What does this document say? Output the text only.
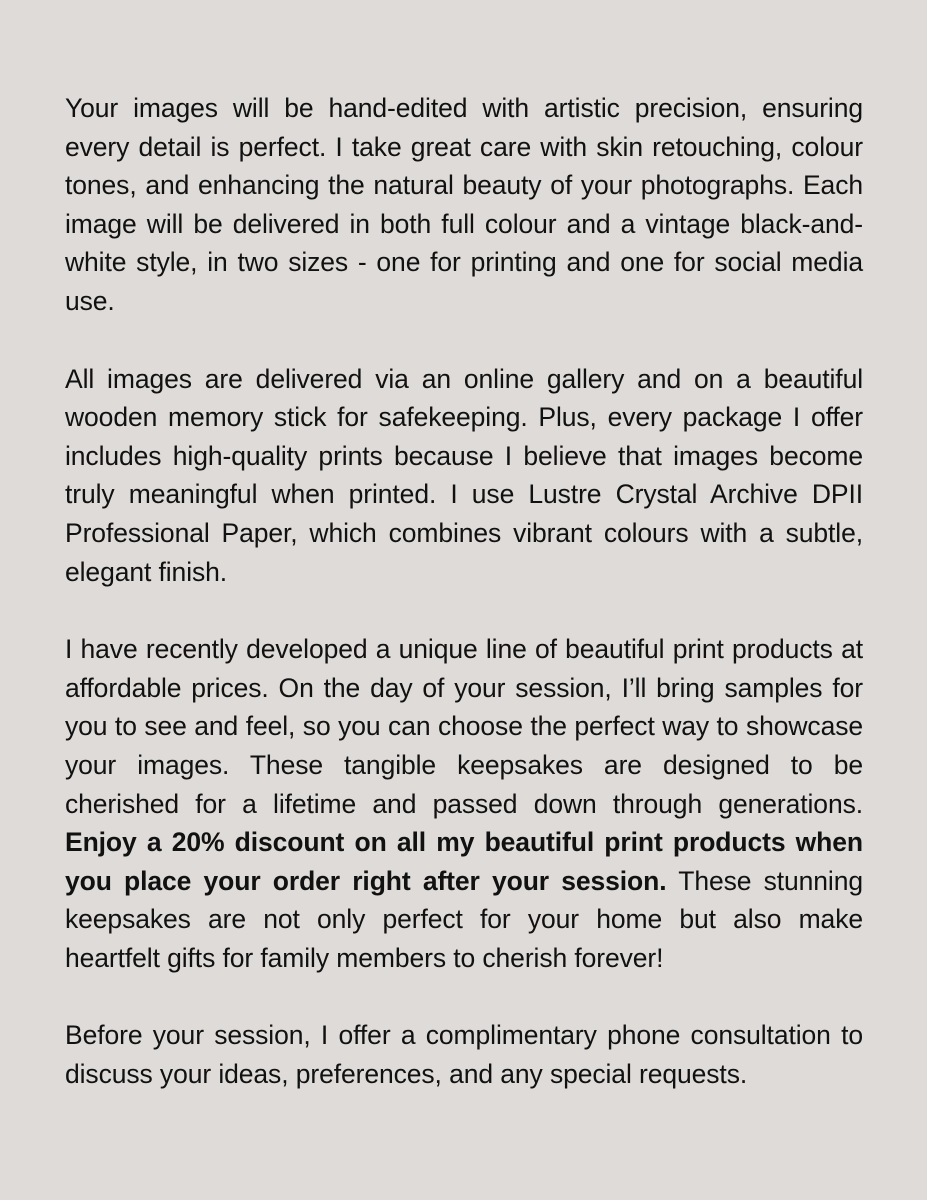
Your images will be hand-edited with artistic precision, ensuring every detail is perfect. I take great care with skin retouching, colour tones, and enhancing the natural beauty of your photographs. Each image will be delivered in both full colour and a vintage black-and-white style, in two sizes - one for printing and one for social media use.

All images are delivered via an online gallery and on a beautiful wooden memory stick for safekeeping. Plus, every package I offer includes high-quality prints because I believe that images become truly meaningful when printed. I use Lustre Crystal Archive DPII Professional Paper, which combines vibrant colours with a subtle, elegant finish.

I have recently developed a unique line of beautiful print products at affordable prices. On the day of your session, I’ll bring samples for you to see and feel, so you can choose the perfect way to showcase your images. These tangible keepsakes are designed to be cherished for a lifetime and passed down through generations. Enjoy a 20% discount on all my beautiful print products when you place your order right after your session. These stunning keepsakes are not only perfect for your home but also make heartfelt gifts for family members to cherish forever!

Before your session, I offer a complimentary phone consultation to discuss your ideas, preferences, and any special requests.
